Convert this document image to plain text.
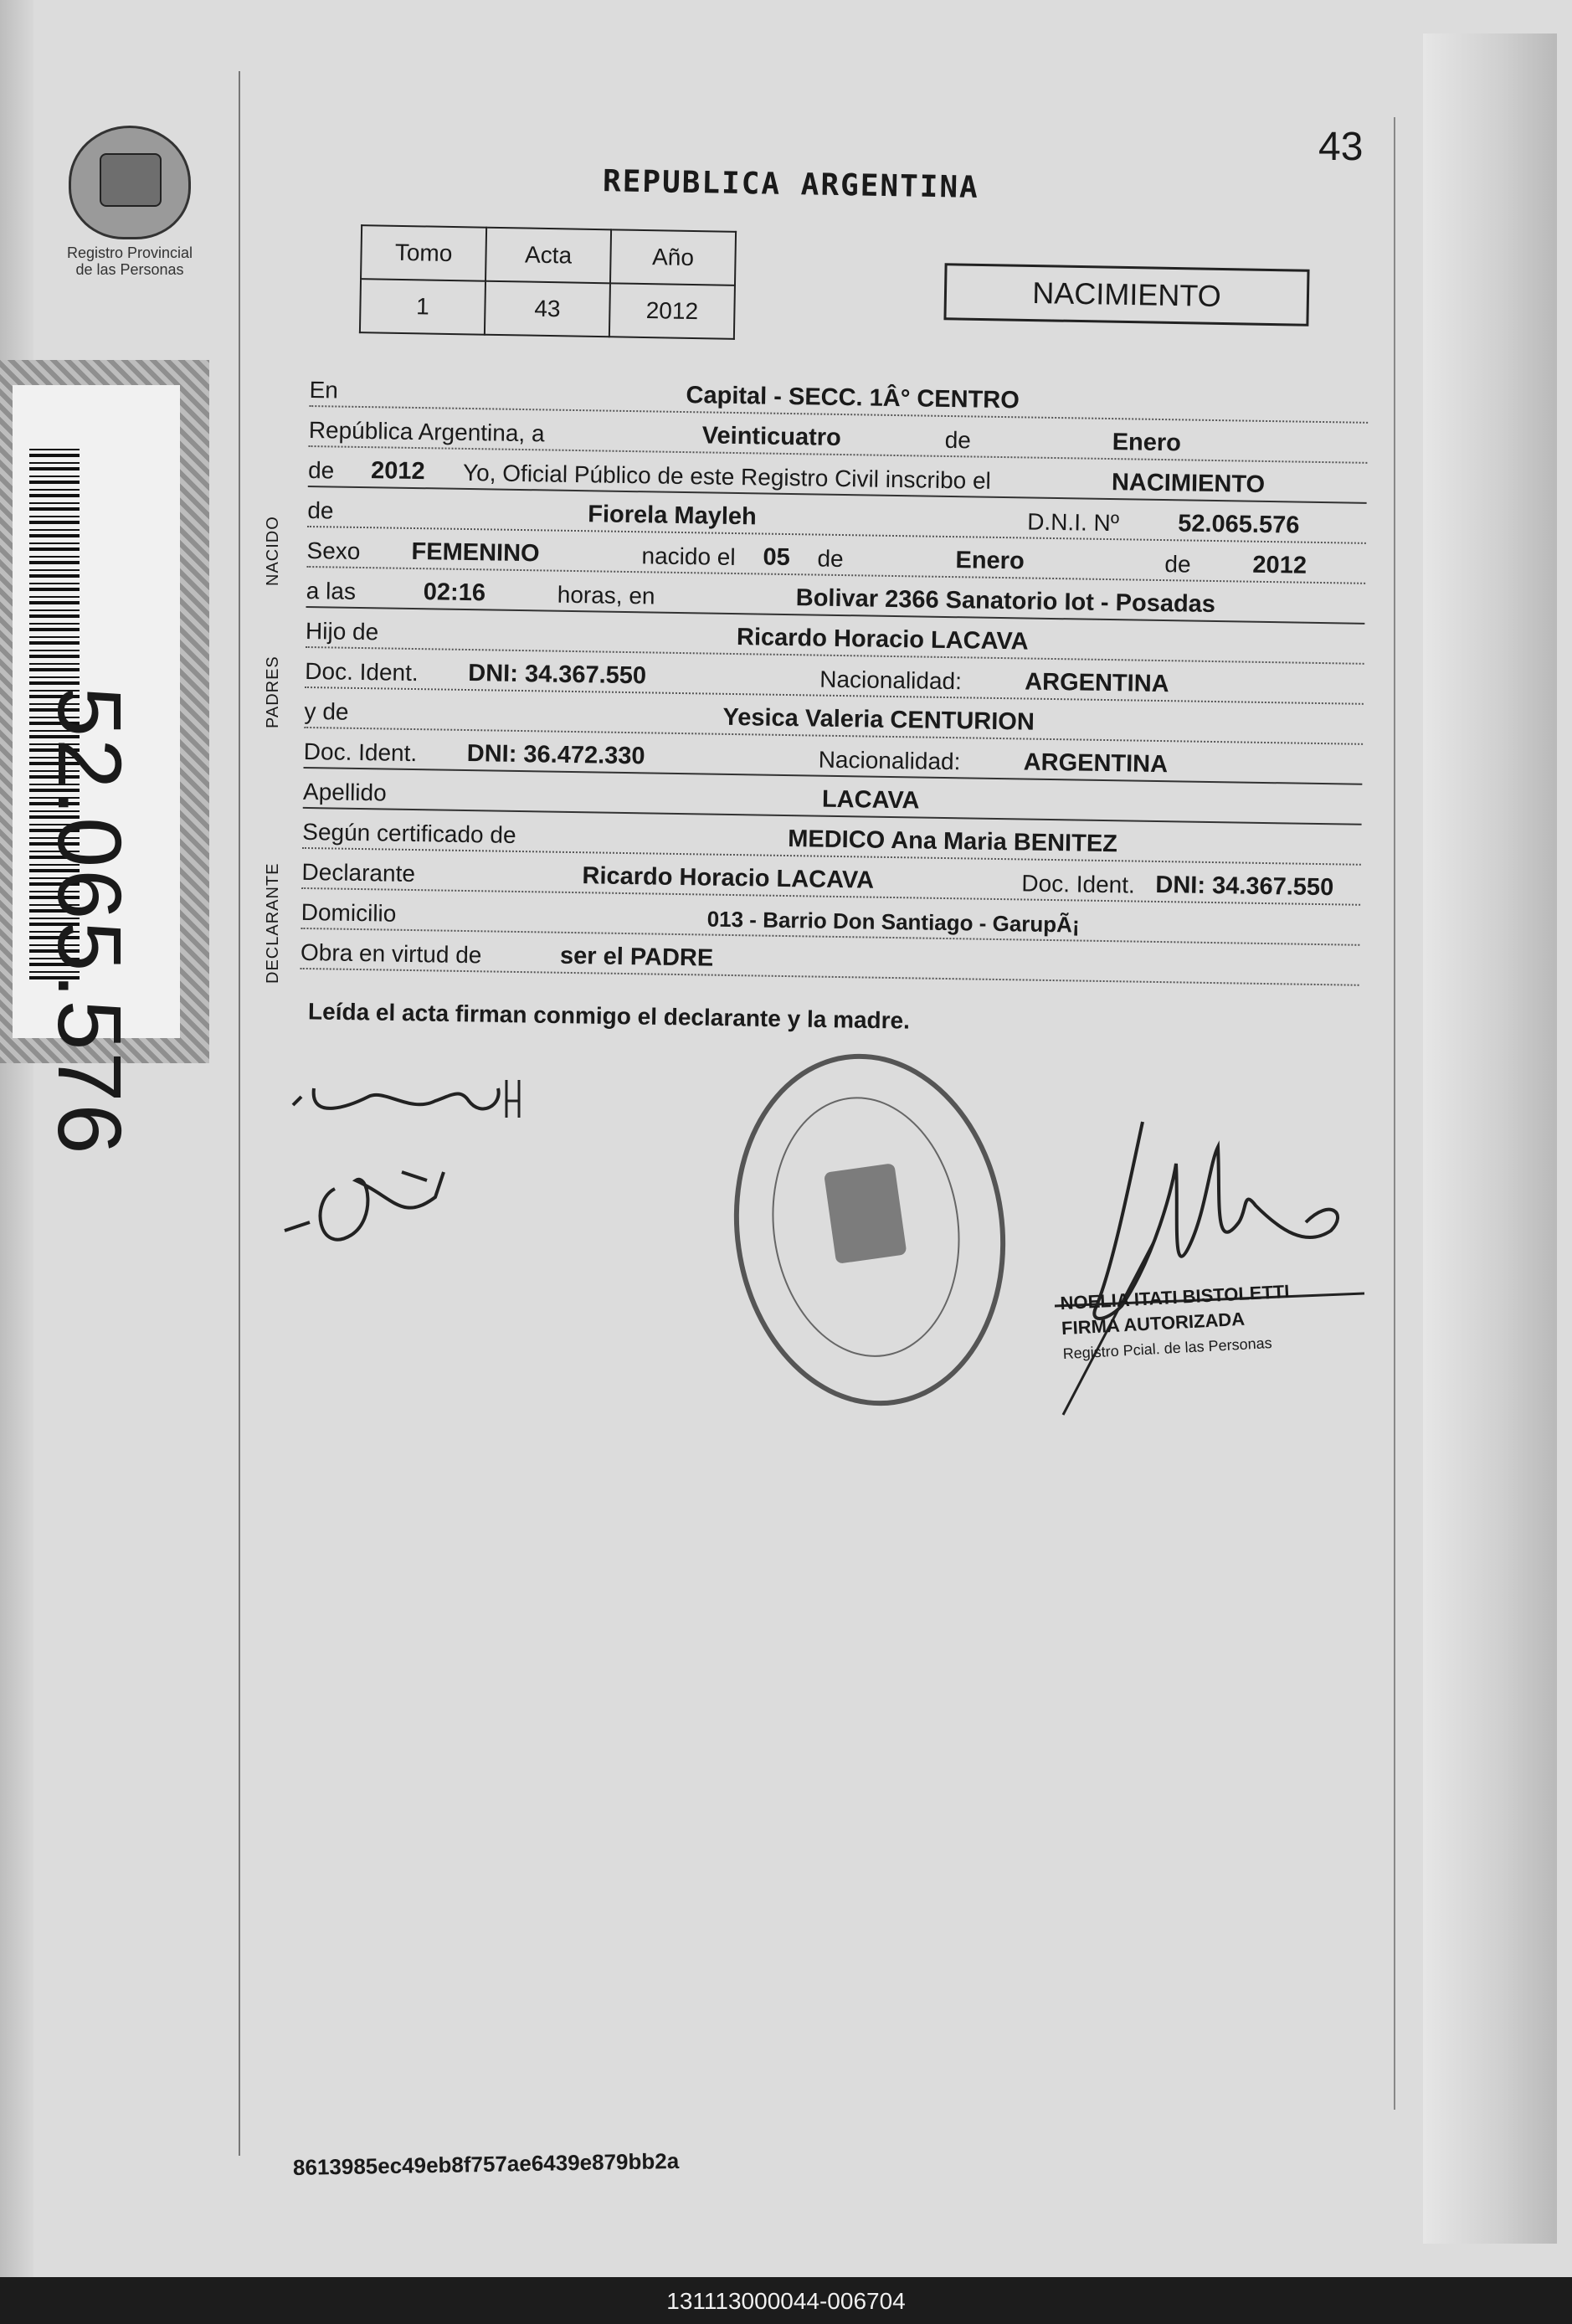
Registro Provincial
de las Personas
52.065.576
43
REPUBLICA ARGENTINA
Tomo	Acta	Año
1	43	2012	NACIMIENTO
En	Capital - SECC. 1Â° CENTRO
República Argentina, a	Veinticuatro	de	Enero
de 2012 Yo, Oficial Público de este Registro Civil inscribo el	NACIMIENTO
de	Fiorela Mayleh	D.N.I. Nº 52.065.576
Sexo FEMENINO	nacido el 05 de	Enero	de	2012
a las	02:16	horas, en	Bolivar 2366 Sanatorio Iot - Posadas
Hijo de	Ricardo Horacio LACAVA
Doc. Ident. DNI: 34.367.550	Nacionalidad:	ARGENTINA
y de	Yesica Valeria CENTURION
Doc. Ident. DNI: 36.472.330	Nacionalidad:	ARGENTINA
Apellido	LACAVA
Según certificado de	MEDICO Ana Maria BENITEZ
Declarante	Ricardo Horacio LACAVA	Doc. Ident. DNI: 34.367.550
Domicilio	013 - Barrio Don Santiago - GarupÃ¡
Obra en virtud de	ser el PADRE
NACIDO
PADRES
DECLARANTE
Leída el acta firman conmigo el declarante y la madre.
NOELIA ITATI BISTOLETTI
FIRMA AUTORIZADA
Registro Pcial. de las Personas
8613985ec49eb8f757ae6439e879bb2a
131113000044-006704
